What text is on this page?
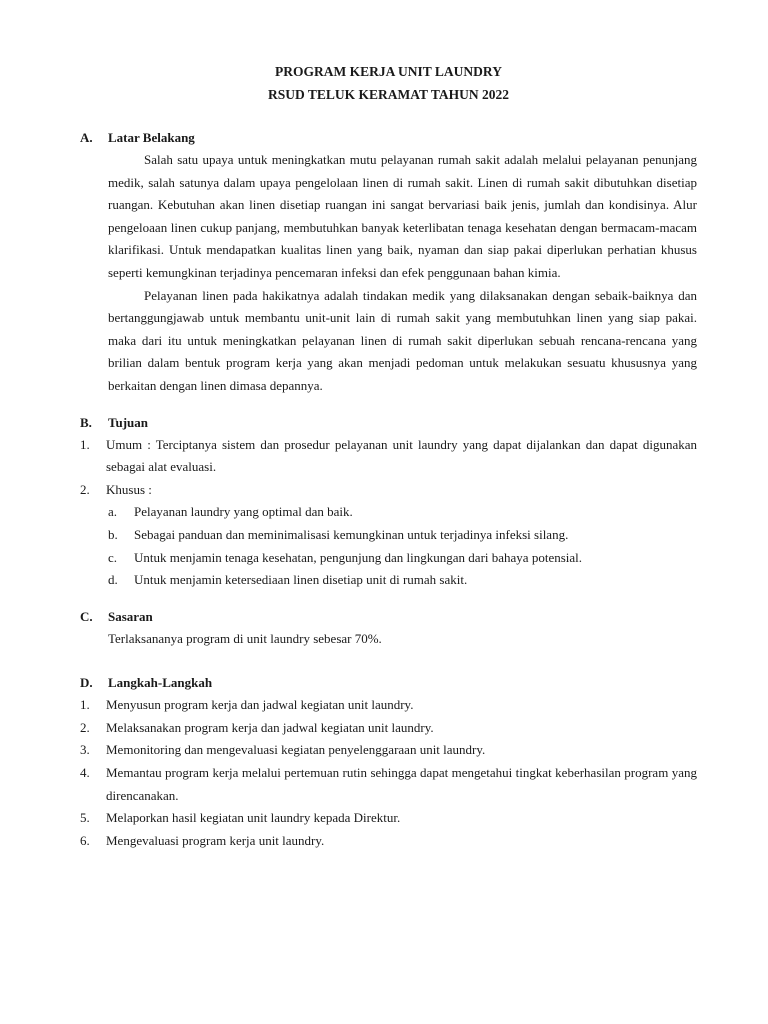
PROGRAM KERJA UNIT LAUNDRY
RSUD TELUK KERAMAT TAHUN 2022
A.	Latar Belakang
Salah satu upaya untuk meningkatkan mutu pelayanan rumah sakit adalah melalui pelayanan penunjang medik, salah satunya dalam upaya pengelolaan linen di rumah sakit. Linen di rumah sakit dibutuhkan disetiap ruangan. Kebutuhan akan linen disetiap ruangan ini sangat bervariasi baik jenis, jumlah dan kondisinya. Alur pengeloaan linen cukup panjang, membutuhkan banyak keterlibatan tenaga kesehatan dengan bermacam-macam klarifikasi. Untuk mendapatkan kualitas linen yang baik, nyaman dan siap pakai diperlukan perhatian khusus seperti kemungkinan terjadinya pencemaran infeksi dan efek penggunaan bahan kimia.
Pelayanan linen pada hakikatnya adalah tindakan medik yang dilaksanakan dengan sebaik-baiknya dan bertanggungjawab untuk membantu unit-unit lain di rumah sakit yang membutuhkan linen yang siap pakai. maka dari itu untuk meningkatkan pelayanan linen di rumah sakit diperlukan sebuah rencana-rencana yang brilian dalam bentuk program kerja yang akan menjadi pedoman untuk melakukan sesuatu khususnya yang berkaitan dengan linen dimasa depannya.
B.	Tujuan
1.	Umum : Terciptanya sistem dan prosedur pelayanan unit laundry yang dapat dijalankan dan dapat digunakan sebagai alat evaluasi.
2.	Khusus :
a.	Pelayanan laundry yang optimal dan baik.
b.	Sebagai panduan dan meminimalisasi kemungkinan untuk terjadinya infeksi silang.
c.	Untuk menjamin tenaga kesehatan, pengunjung dan lingkungan dari bahaya potensial.
d.	Untuk menjamin ketersediaan linen disetiap unit di rumah sakit.
C.	Sasaran
Terlaksananya program di unit laundry sebesar 70%.
D.	Langkah-Langkah
1.	Menyusun program kerja dan jadwal kegiatan unit laundry.
2.	Melaksanakan program kerja dan jadwal kegiatan unit laundry.
3.	Memonitoring dan mengevaluasi kegiatan penyelenggaraan unit laundry.
4.	Memantau program kerja melalui pertemuan rutin sehingga dapat mengetahui tingkat keberhasilan program yang direncanakan.
5.	Melaporkan hasil kegiatan unit laundry kepada Direktur.
6.	Mengevaluasi program kerja unit laundry.
